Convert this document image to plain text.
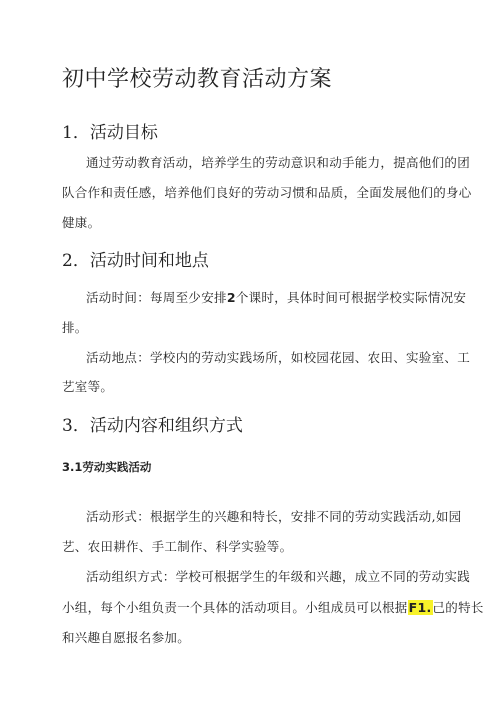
初中学校劳动教育活动方案
1．活动目标
通过劳动教育活动，培养学生的劳动意识和动手能力，提高他们的团
队合作和责任感，培养他们良好的劳动习惯和品质，全面发展他们的身心
健康。
2．活动时间和地点
活动时间：每周至少安排2个课时，具体时间可根据学校实际情况安
排。
活动地点：学校内的劳动实践场所，如校园花园、农田、实验室、工
艺室等。
3．活动内容和组织方式
3.1劳动实践活动
活动形式：根据学生的兴趣和特长，安排不同的劳动实践活动,如园
艺、农田耕作、手工制作、科学实验等。
活动组织方式：学校可根据学生的年级和兴趣，成立不同的劳动实践
小组，每个小组负责一个具体的活动项目。小组成员可以根据F1.己的特长
和兴趣自愿报名参加。
